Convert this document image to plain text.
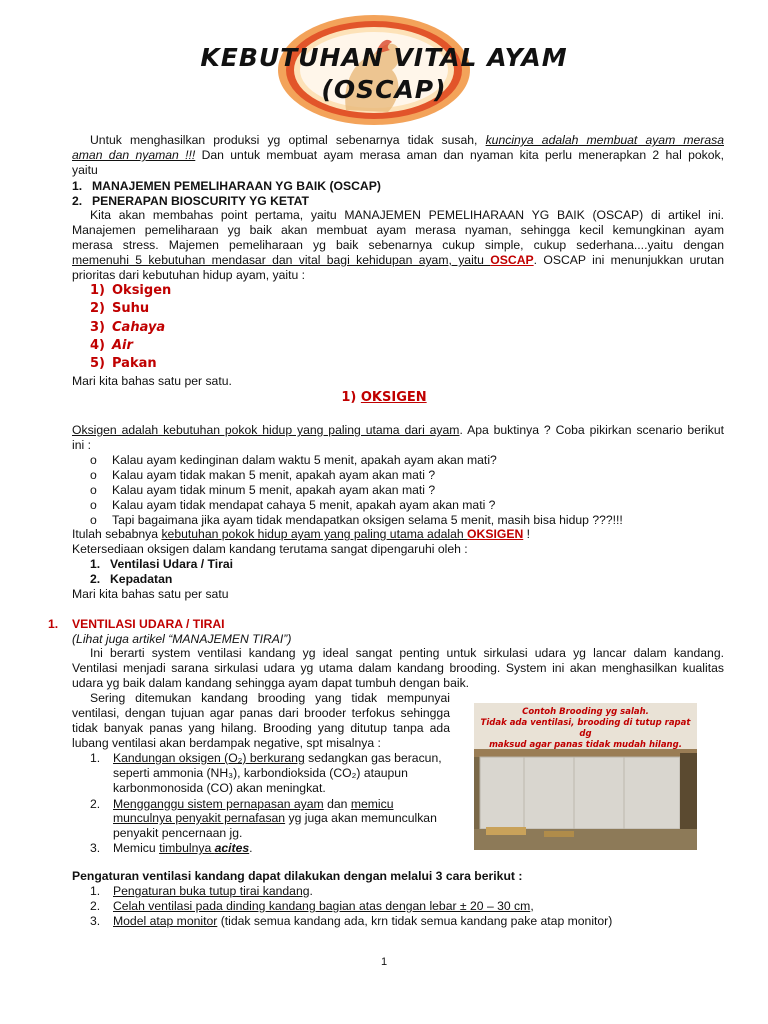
KEBUTUHAN VITAL AYAM
(OSCAP)
Untuk menghasilkan produksi yg optimal sebenarnya tidak susah, kuncinya adalah membuat ayam merasa
aman dan nyaman !!! Dan untuk membuat ayam merasa aman dan nyaman kita perlu menerapkan 2 hal pokok,
yaitu
1. MANAJEMEN PEMELIHARAAN YG BAIK (OSCAP)
2. PENERAPAN BIOSCURITY YG KETAT
Kita akan membahas point pertama, yaitu MANAJEMEN PEMELIHARAAN YG BAIK (OSCAP) di artikel ini.
Manajemen pemeliharaan yg baik akan membuat ayam merasa nyaman, sehingga kecil kemungkinan ayam
merasa stress. Majemen pemeliharaan yg baik sebenarnya cukup simple, cukup sederhana....yaitu dengan
memenuhi 5 kebutuhan mendasar dan vital bagi kehidupan ayam, yaitu OSCAP. OSCAP ini menunjukkan urutan
prioritas dari kebutuhan hidup ayam, yaitu :
1) Oksigen
2) Suhu
3) Cahaya
4) Air
5) Pakan
Mari kita bahas satu per satu.
1) OKSIGEN
Oksigen adalah kebutuhan pokok hidup yang paling utama dari ayam. Apa buktinya ? Coba pikirkan scenario berikut
ini :
o Kalau ayam kedinginan dalam waktu 5 menit, apakah ayam akan mati?
o Kalau ayam tidak makan 5 menit, apakah ayam akan mati ?
o Kalau ayam tidak minum 5 menit, apakah ayam akan mati ?
o Kalau ayam tidak mendapat cahaya 5 menit, apakah ayam akan mati ?
o Tapi bagaimana jika ayam tidak mendapatkan oksigen selama 5 menit, masih bisa hidup ???!!!
Itulah sebabnya kebutuhan pokok hidup ayam yang paling utama adalah OKSIGEN !
Ketersediaan oksigen dalam kandang terutama sangat dipengaruhi oleh :
1. Ventilasi Udara / Tirai
2. Kepadatan
Mari kita bahas satu per satu
1. VENTILASI UDARA / TIRAI
(Lihat juga artikel “MANAJEMEN TIRAI”)
Ini berarti system ventilasi kandang yg ideal sangat penting untuk sirkulasi udara yg lancar dalam kandang.
Ventilasi menjadi sarana sirkulasi udara yg utama dalam kandang brooding. System ini akan menghasilkan kualitas
udara yg baik dalam kandang sehingga ayam dapat tumbuh dengan baik.
Sering ditemukan kandang brooding yang tidak mempunyai
ventilasi, dengan tujuan agar panas dari brooder terfokus sehingga
tidak banyak panas yang hilang. Brooding yang ditutup tanpa ada
lubang ventilasi akan berdampak negative, spt misalnya :
1. Kandungan oksigen (O₂) berkurang sedangkan gas beracun,
seperti ammonia (NH₃), karbondioksida (CO₂) ataupun
karbonmonosida (CO) akan meningkat.
2. Mengganggu sistem pernapasan ayam dan memicu
munculnya penyakit pernafasan yg juga akan memunculkan
penyakit pencernaan jg.
3. Memicu timbulnya acites.
Contoh Brooding yg salah.
Tidak ada ventilasi, brooding di tutup rapat dg
maksud agar panas tidak mudah hilang.
Pengaturan ventilasi kandang dapat dilakukan dengan melalui 3 cara berikut :
1. Pengaturan buka tutup tirai kandang.
2. Celah ventilasi pada dinding kandang bagian atas dengan lebar ± 20 – 30 cm,
3. Model atap monitor (tidak semua kandang ada, krn tidak semua kandang pake atap monitor)
1
